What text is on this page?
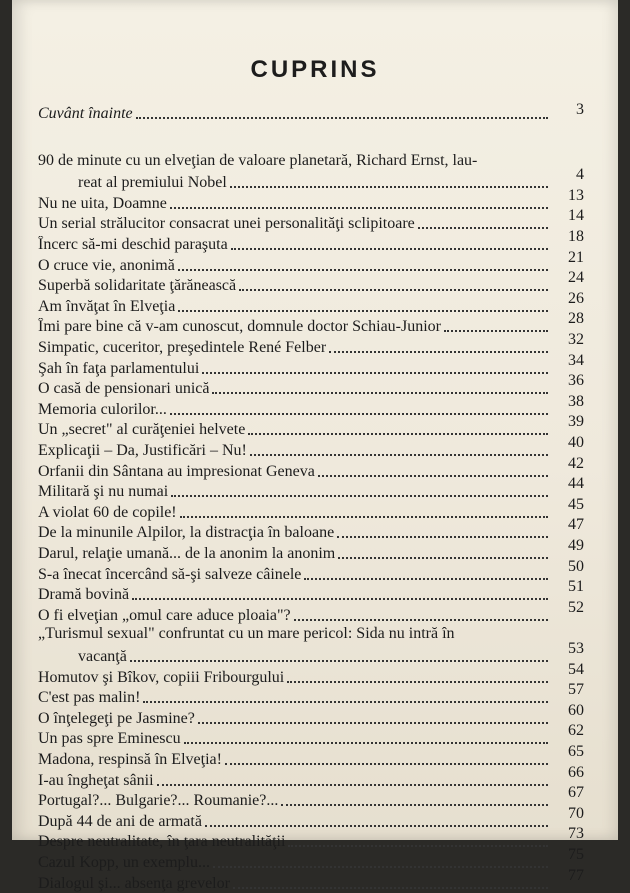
CUPRINS
Cuvânt înainte	3
90 de minute cu un elveţian de valoare planetară, Richard Ernst, lau-
reat al premiului Nobel	4
Nu ne uita, Doamne	13
Un serial strălucitor consacrat unei personalităţi sclipitoare	14
Încerc să-mi deschid paraşuta	18
O cruce vie, anonimă	21
Superbă solidaritate ţărănească	24
Am învăţat în Elveţia	26
Îmi pare bine că v-am cunoscut, domnule doctor Schiau-Junior	28
Simpatic, cuceritor, preşedintele René Felber	32
Şah în faţa parlamentului	34
O casă de pensionari unică	36
Memoria culorilor...	38
Un „secret" al curăţeniei helvete	39
Explicaţii – Da, Justificări – Nu!	40
Orfanii din Sântana au impresionat Geneva	42
Militară şi nu numai	44
A violat 60 de copile!	45
De la minunile Alpilor, la distracţia în baloane	47
Darul, relaţie umană... de la anonim la anonim	49
S-a înecat încercând să-şi salveze câinele	50
Dramă bovină	51
O fi elveţian „omul care aduce ploaia"?	52
„Turismul sexual" confruntat cu un mare pericol: Sida nu intră în
vacanţă	53
Homutov şi Bîkov, copiii Fribourgului	54
C'est pas malin!	57
O înţelegeţi pe Jasmine?	60
Un pas spre Eminescu	62
Madona, respinsă în Elveţia!	65
I-au îngheţat sânii	66
Portugal?... Bulgarie?... Roumanie?...	67
După 44 de ani de armată	70
Despre neutralitate, în ţara neutralităţii	73
Cazul Kopp, un exemplu...	75
Dialogul şi... absenţa grevelor	77
